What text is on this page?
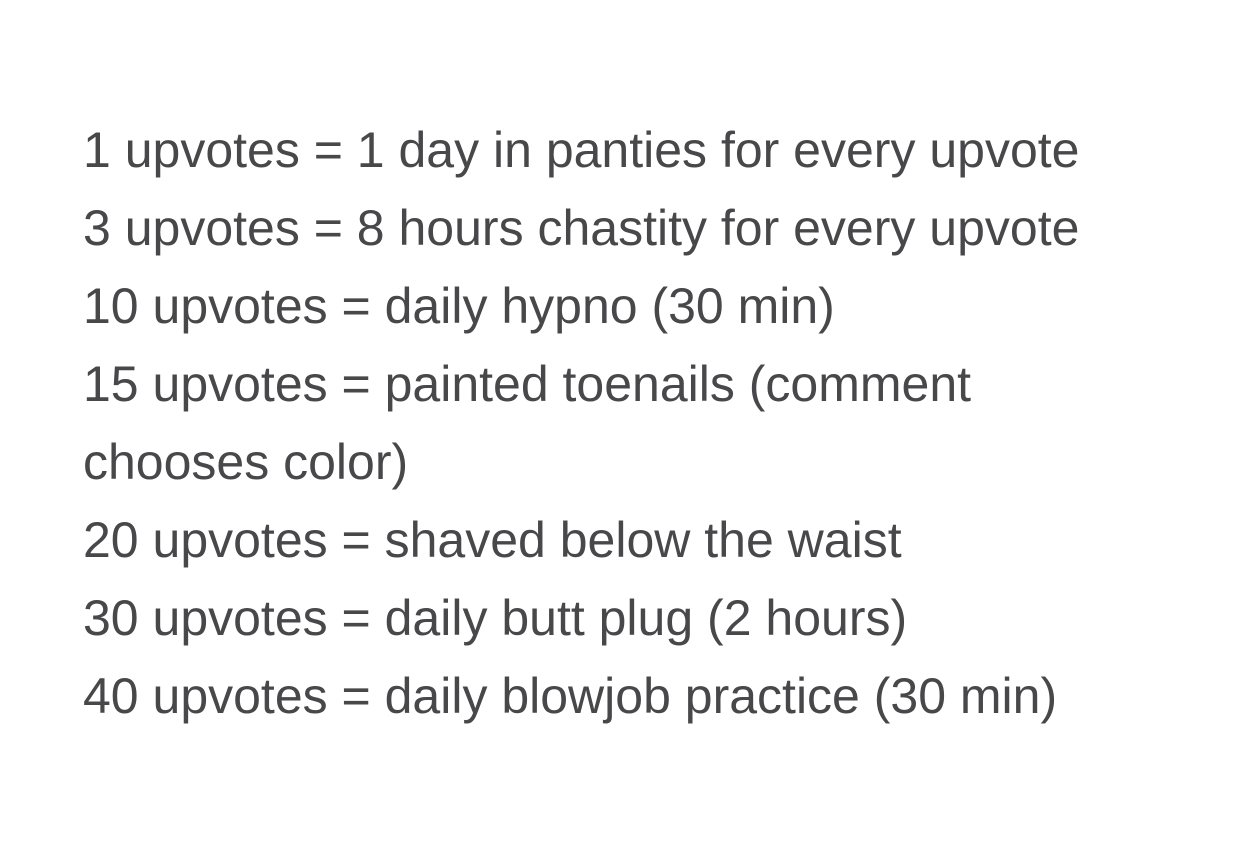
1 upvotes = 1 day in panties for every upvote

3 upvotes = 8 hours chastity for every upvote

10 upvotes = daily hypno (30 min)

15 upvotes = painted toenails (comment chooses color)

20 upvotes = shaved below the waist

30 upvotes = daily butt plug (2 hours)

40 upvotes = daily blowjob practice (30 min)
